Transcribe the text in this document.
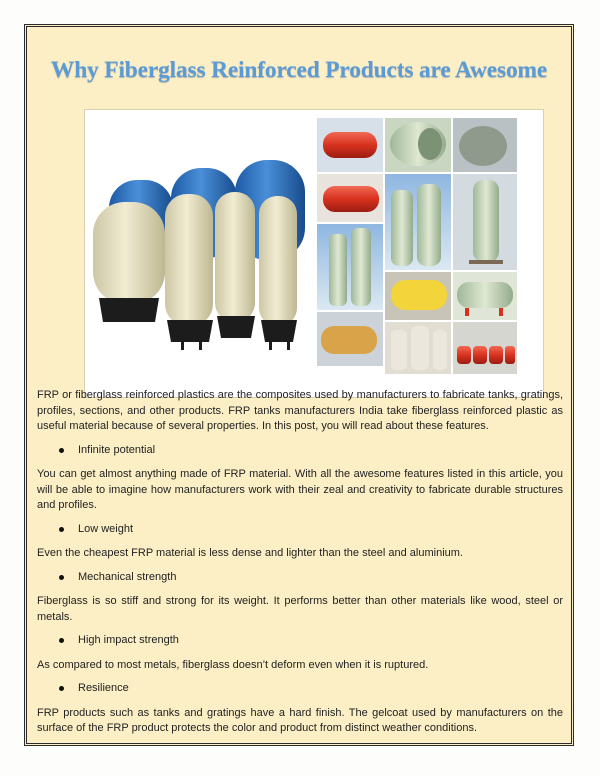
Why Fiberglass Reinforced Products are Awesome

FRP or fiberglass reinforced plastics are the composites used by manufacturers to fabricate tanks, gratings, profiles, sections, and other products. FRP tanks manufacturers India take fiberglass reinforced plastic as useful material because of several properties. In this post, you will read about these features.

Infinite potential

You can get almost anything made of FRP material. With all the awesome features listed in this article, you will be able to imagine how manufacturers work with their zeal and creativity to fabricate durable structures and profiles.

Low weight

Even the cheapest FRP material is less dense and lighter than the steel and aluminium.

Mechanical strength

Fiberglass is so stiff and strong for its weight. It performs better than other materials like wood, steel or metals.

High impact strength

As compared to most metals, fiberglass doesn’t deform even when it is ruptured.

Resilience

FRP products such as tanks and gratings have a hard finish. The gelcoat used by manufacturers on the surface of the FRP product protects the color and product from distinct weather conditions.
